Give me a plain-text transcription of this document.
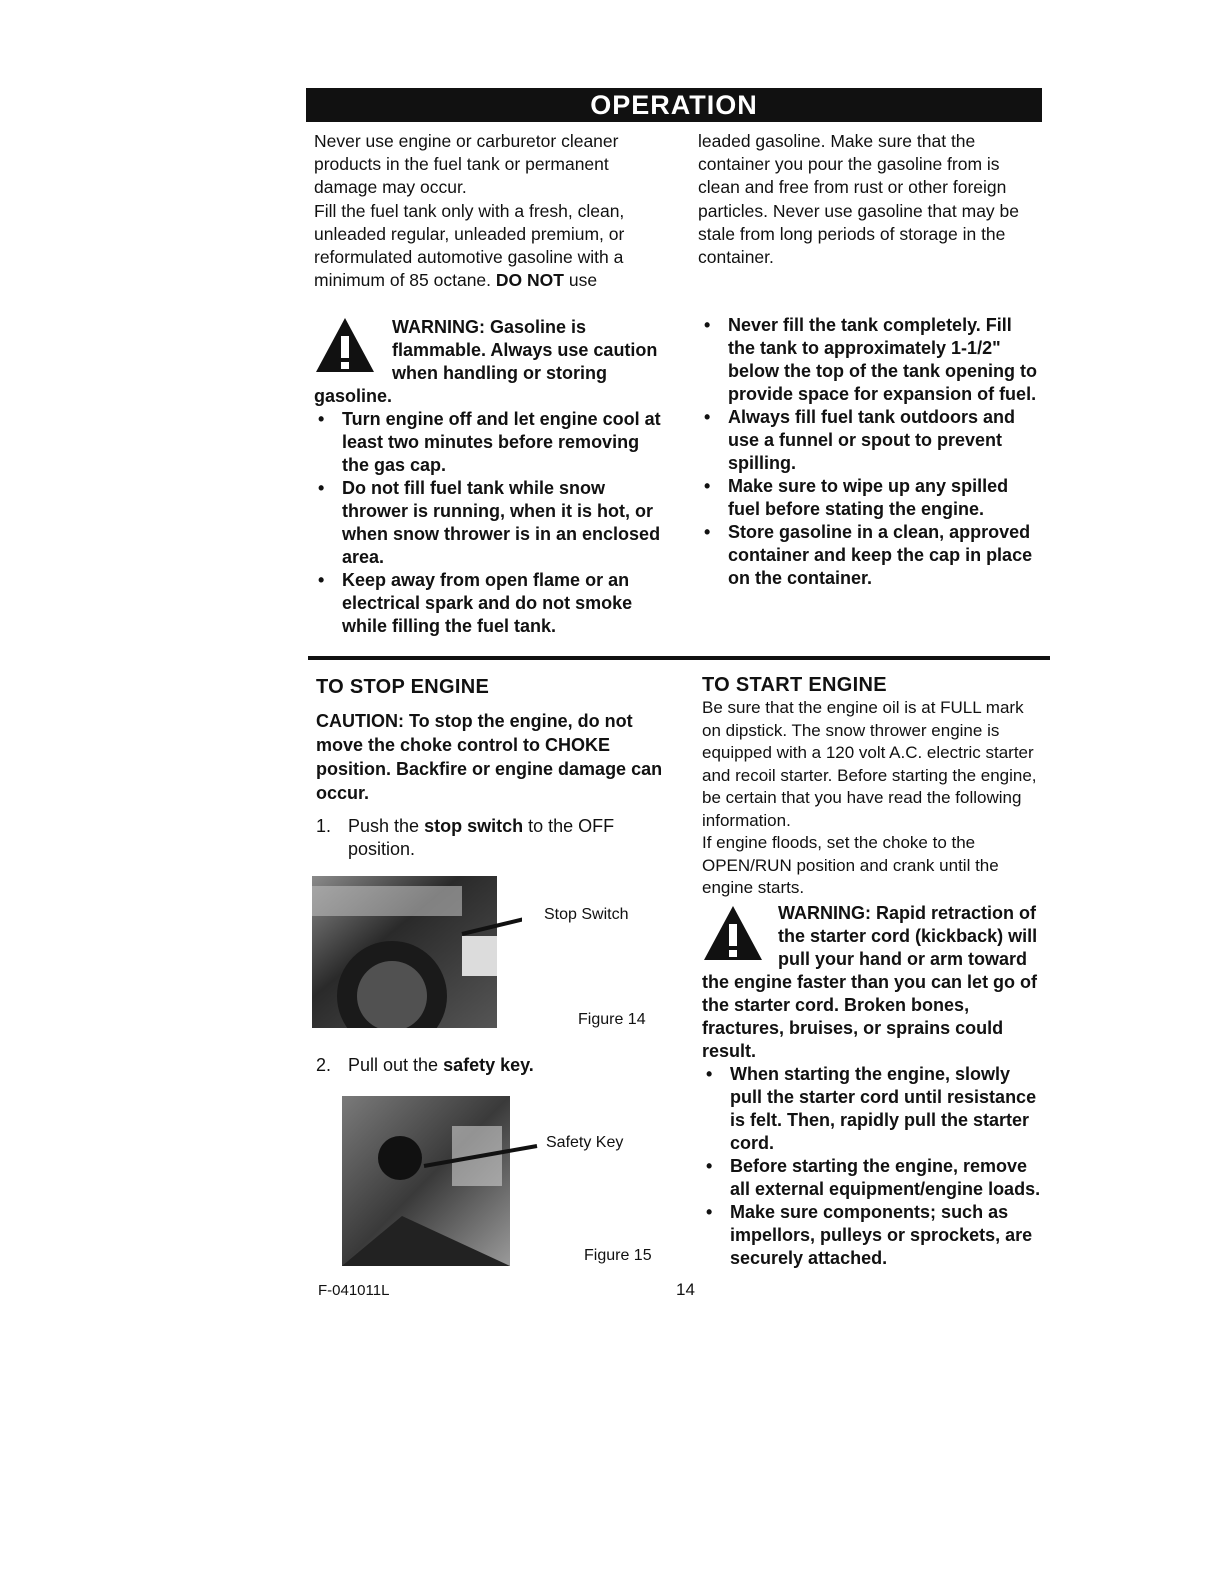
OPERATION

Never use engine or carburetor cleaner products in the fuel tank or permanent damage may occur.

Fill the fuel tank only with a fresh, clean, unleaded regular, unleaded premium, or reformulated automotive gasoline with a minimum of 85 octane. DO NOT use

leaded gasoline. Make sure that the container you pour the gasoline from is clean and free from rust or other foreign particles. Never use gasoline that may be stale from long periods of storage in the container.

WARNING: Gasoline is flammable. Always use caution when handling or storing gasoline.

• Turn engine off and let engine cool at least two minutes before removing the gas cap.
• Do not fill fuel tank while snow thrower is running, when it is hot, or when snow thrower is in an enclosed area.
• Keep away from open flame or an electrical spark and do not smoke while filling the fuel tank.
• Never fill the tank completely. Fill the tank to approximately 1-1/2" below the top of the tank opening to provide space for expansion of fuel.
• Always fill fuel tank outdoors and use a funnel or spout to prevent spilling.
• Make sure to wipe up any spilled fuel before stating the engine.
• Store gasoline in a clean, approved container and keep the cap in place on the container.
TO STOP ENGINE

CAUTION: To stop the engine, do not move the choke control to CHOKE position. Backfire or engine damage can occur.

1. Push the stop switch to the OFF position.
Stop Switch
Figure 14
2. Pull out the safety key.
Safety Key
Figure 15
TO START ENGINE

Be sure that the engine oil is at FULL mark on dipstick. The snow thrower engine is equipped with a 120 volt A.C. electric starter and recoil starter. Before starting the engine, be certain that you have read the following information.

If engine floods, set the choke to the OPEN/RUN position and crank until the engine starts.

WARNING: Rapid retraction of the starter cord (kickback) will pull your hand or arm toward the engine faster than you can let go of the starter cord. Broken bones, fractures, bruises, or sprains could result.

• When starting the engine, slowly pull the starter cord until resistance is felt. Then, rapidly pull the starter cord.
• Before starting the engine, remove all external equipment/engine loads.
• Make sure components; such as impellors, pulleys or sprockets, are securely attached.
F-041011L	14
